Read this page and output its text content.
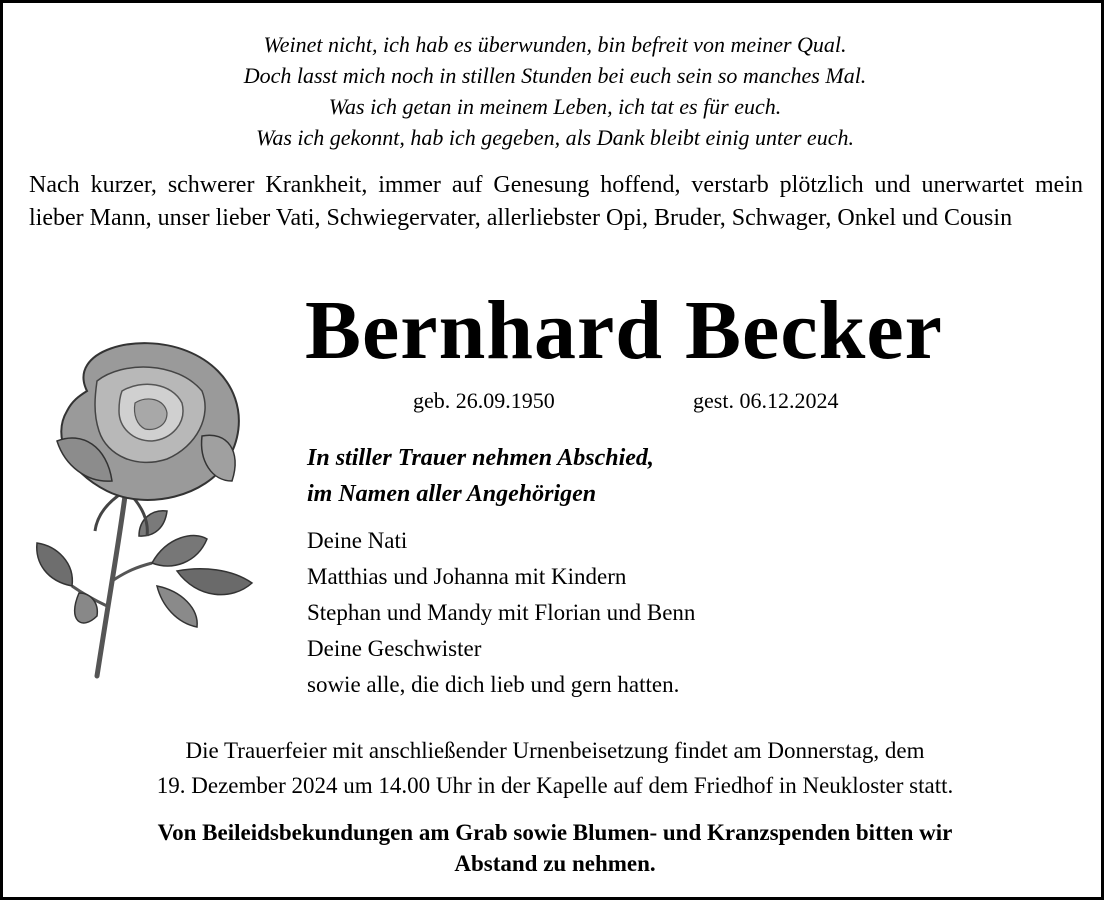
Weinet nicht, ich hab es überwunden, bin befreit von meiner Qual.
Doch lasst mich noch in stillen Stunden bei euch sein so manches Mal.
Was ich getan in meinem Leben, ich tat es für euch.
Was ich gekonnt, hab ich gegeben, als Dank bleibt einig unter euch.
Nach kurzer, schwerer Krankheit, immer auf Genesung hoffend, verstarb plötzlich und unerwartet mein lieber Mann, unser lieber Vati, Schwiegervater, allerliebster Opi, Bruder, Schwager, Onkel und Cousin
Bernhard Becker
geb. 26.09.1950	gest. 06.12.2024
In stiller Trauer nehmen Abschied,
im Namen aller Angehörigen
Deine Nati
Matthias und Johanna mit Kindern
Stephan und Mandy mit Florian und Benn
Deine Geschwister
sowie alle, die dich lieb und gern hatten.
Die Trauerfeier mit anschließender Urnenbeisetzung findet am Donnerstag, dem
19. Dezember 2024 um 14.00 Uhr in der Kapelle auf dem Friedhof in Neukloster statt.
Von Beileidsbekundungen am Grab sowie Blumen- und Kranzspenden bitten wir
Abstand zu nehmen.
